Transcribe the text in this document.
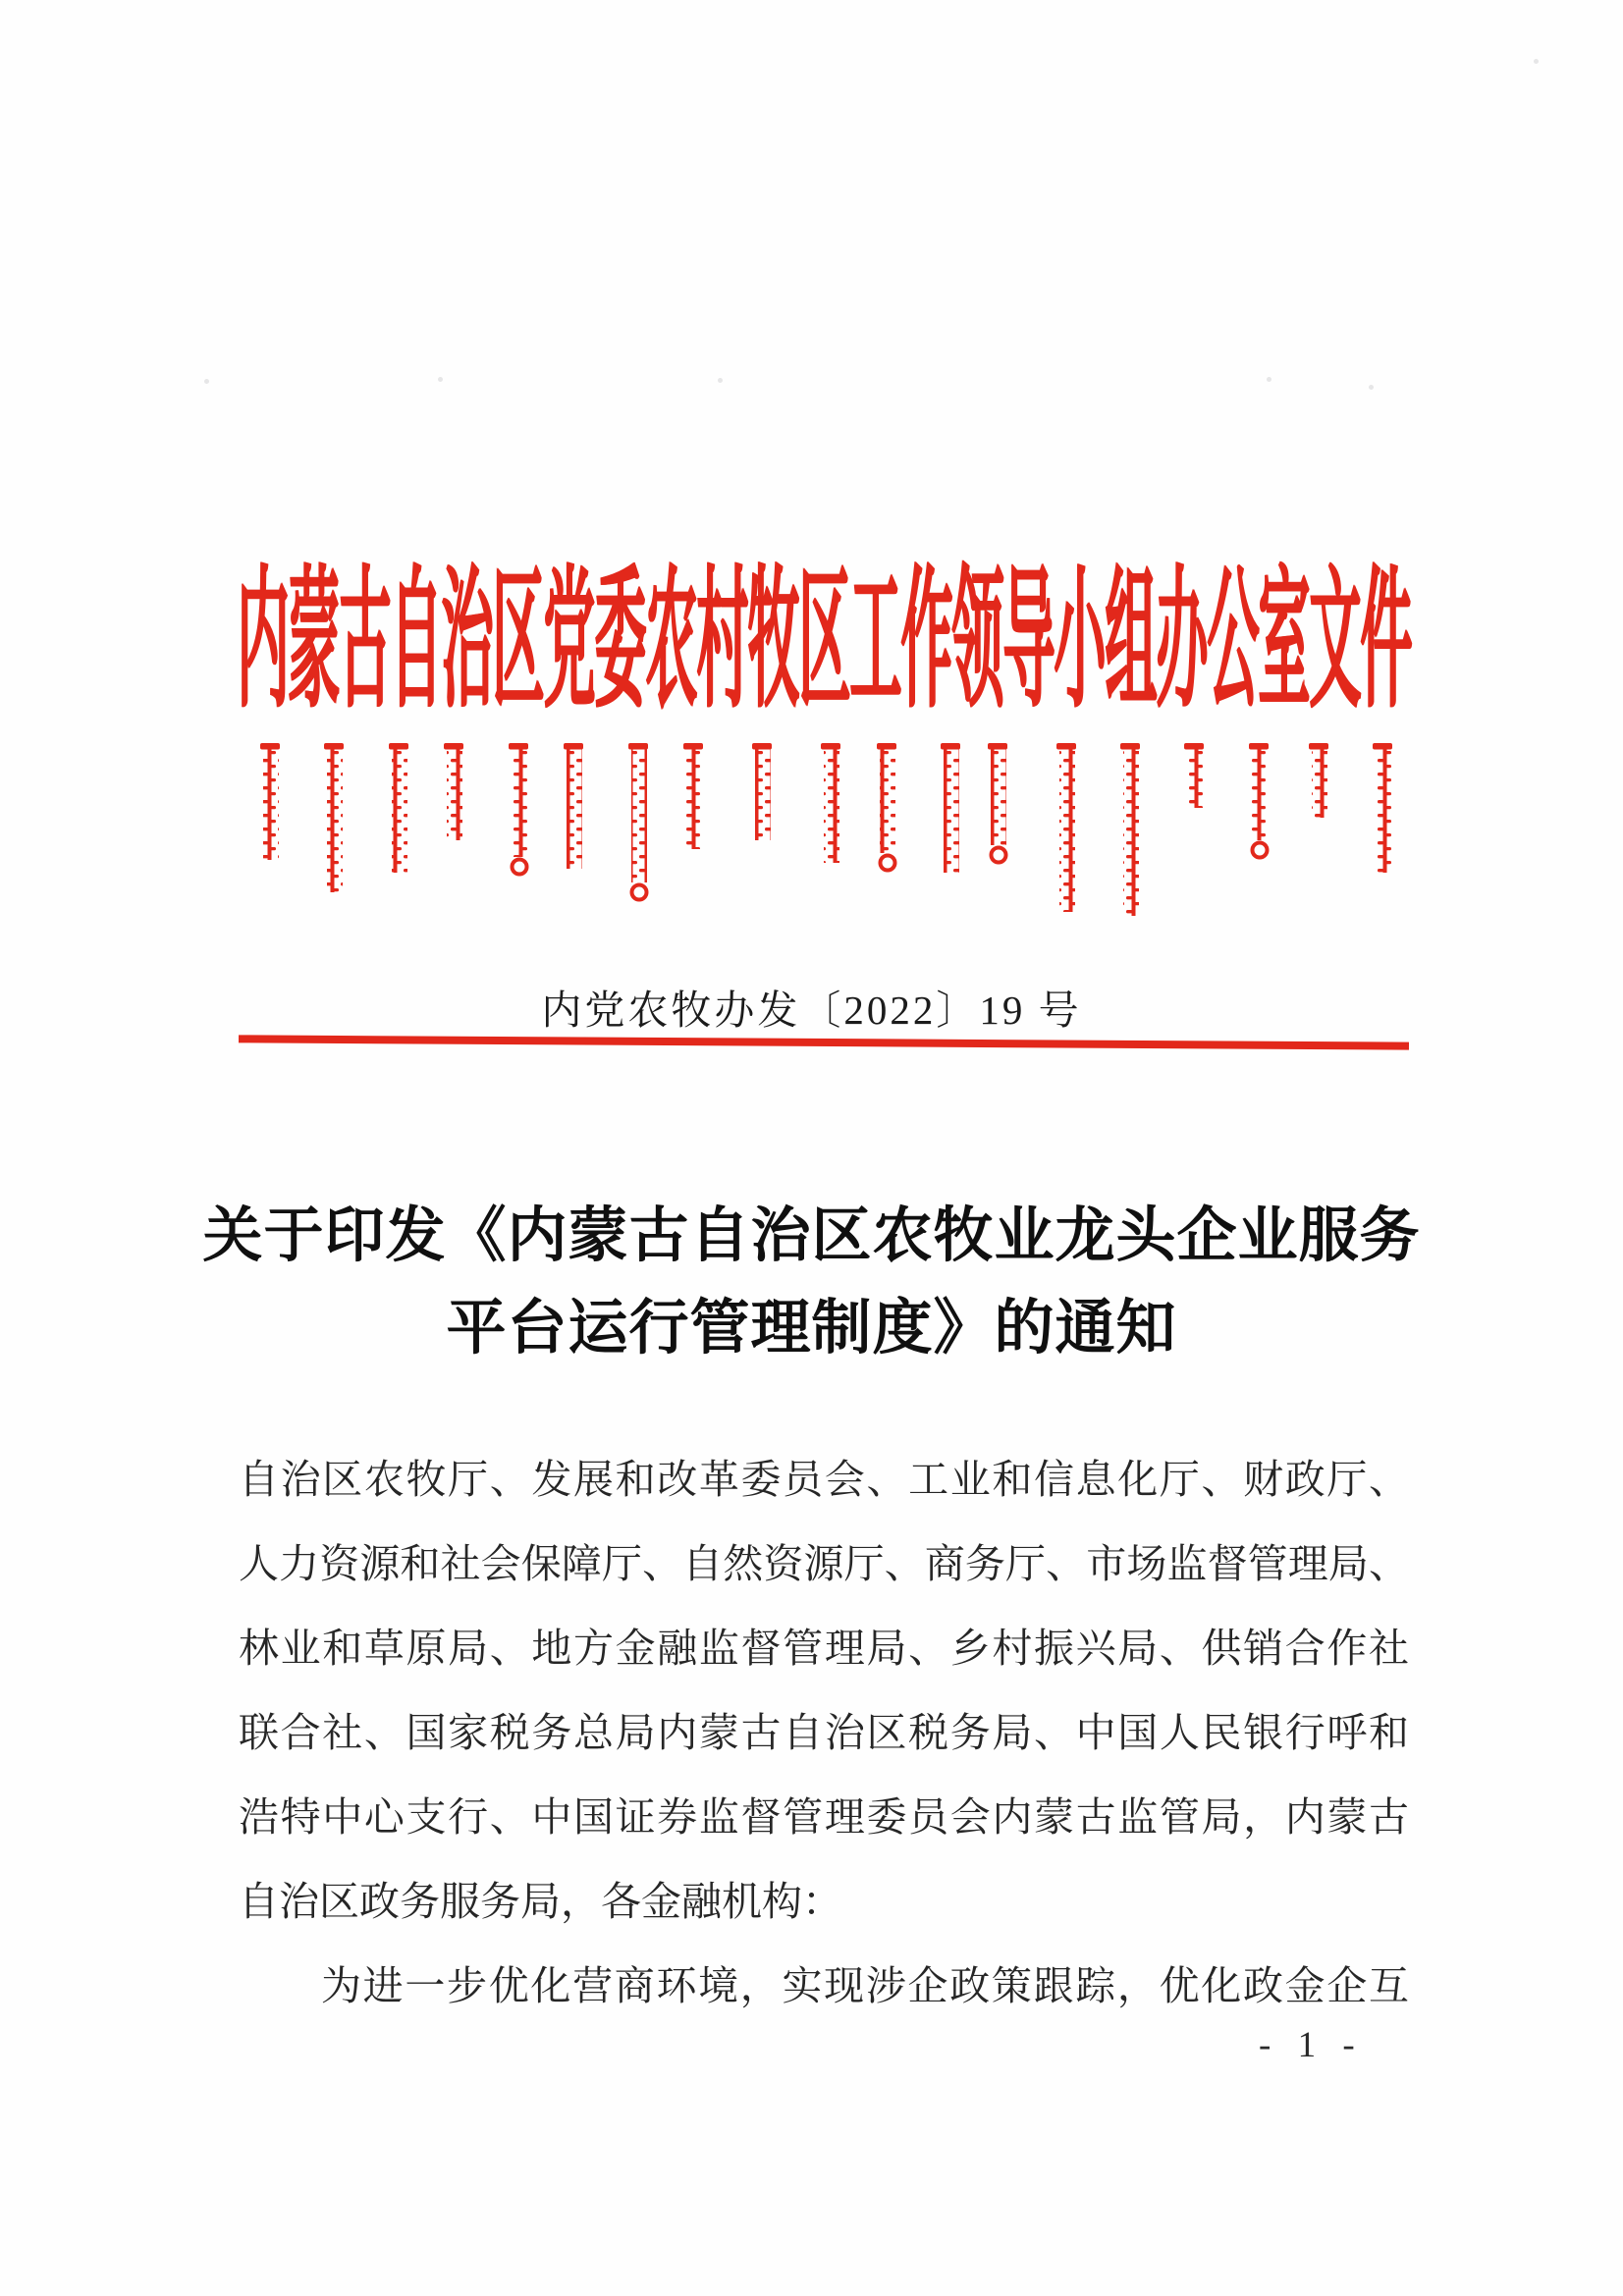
内蒙古自治区党委农村牧区工作领导小组办公室文件
内党农牧办发〔2022〕19 号
关于印发《内蒙古自治区农牧业龙头企业服务
平台运行管理制度》的通知
自治区农牧厅、发展和改革委员会、工业和信息化厅、财政厅、
人力资源和社会保障厅、自然资源厅、商务厅、市场监督管理局、
林业和草原局、地方金融监督管理局、乡村振兴局、供销合作社
联合社、国家税务总局内蒙古自治区税务局、中国人民银行呼和
浩特中心支行、中国证券监督管理委员会内蒙古监管局，内蒙古
自治区政务服务局，各金融机构：
为进一步优化营商环境，实现涉企政策跟踪，优化政金企互
- 1 -
